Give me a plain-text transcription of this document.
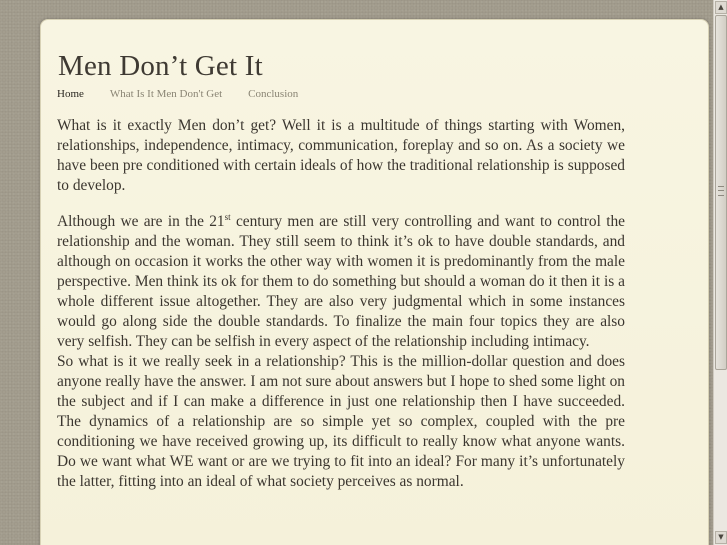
Men Don’t Get It
Home What Is It Men Don't Get Conclusion

What is it exactly Men don’t get? Well it is a multitude of things starting with Women, relationships, independence, intimacy, communication, foreplay and so on. As a society we have been pre conditioned with certain ideals of how the traditional relationship is supposed to develop.

Although we are in the 21st century men are still very controlling and want to control the relationship and the woman. They still seem to think it’s ok to have double standards, and although on occasion it works the other way with women it is predominantly from the male perspective. Men think its ok for them to do something but should a woman do it then it is a whole different issue altogether. They are also very judgmental which in some instances would go along side the double standards. To finalize the main four topics they are also very selfish. They can be selfish in every aspect of the relationship including intimacy.

So what is it we really seek in a relationship? This is the million-dollar question and does anyone really have the answer. I am not sure about answers but I hope to shed some light on the subject and if I can make a difference in just one relationship then I have succeeded. The dynamics of a relationship are so simple yet so complex, coupled with the pre conditioning we have received growing up, its difficult to really know what anyone wants. Do we want what WE want or are we trying to fit into an ideal? For many it’s unfortunately the latter, fitting into an ideal of what society perceives as normal.

▲
▼
